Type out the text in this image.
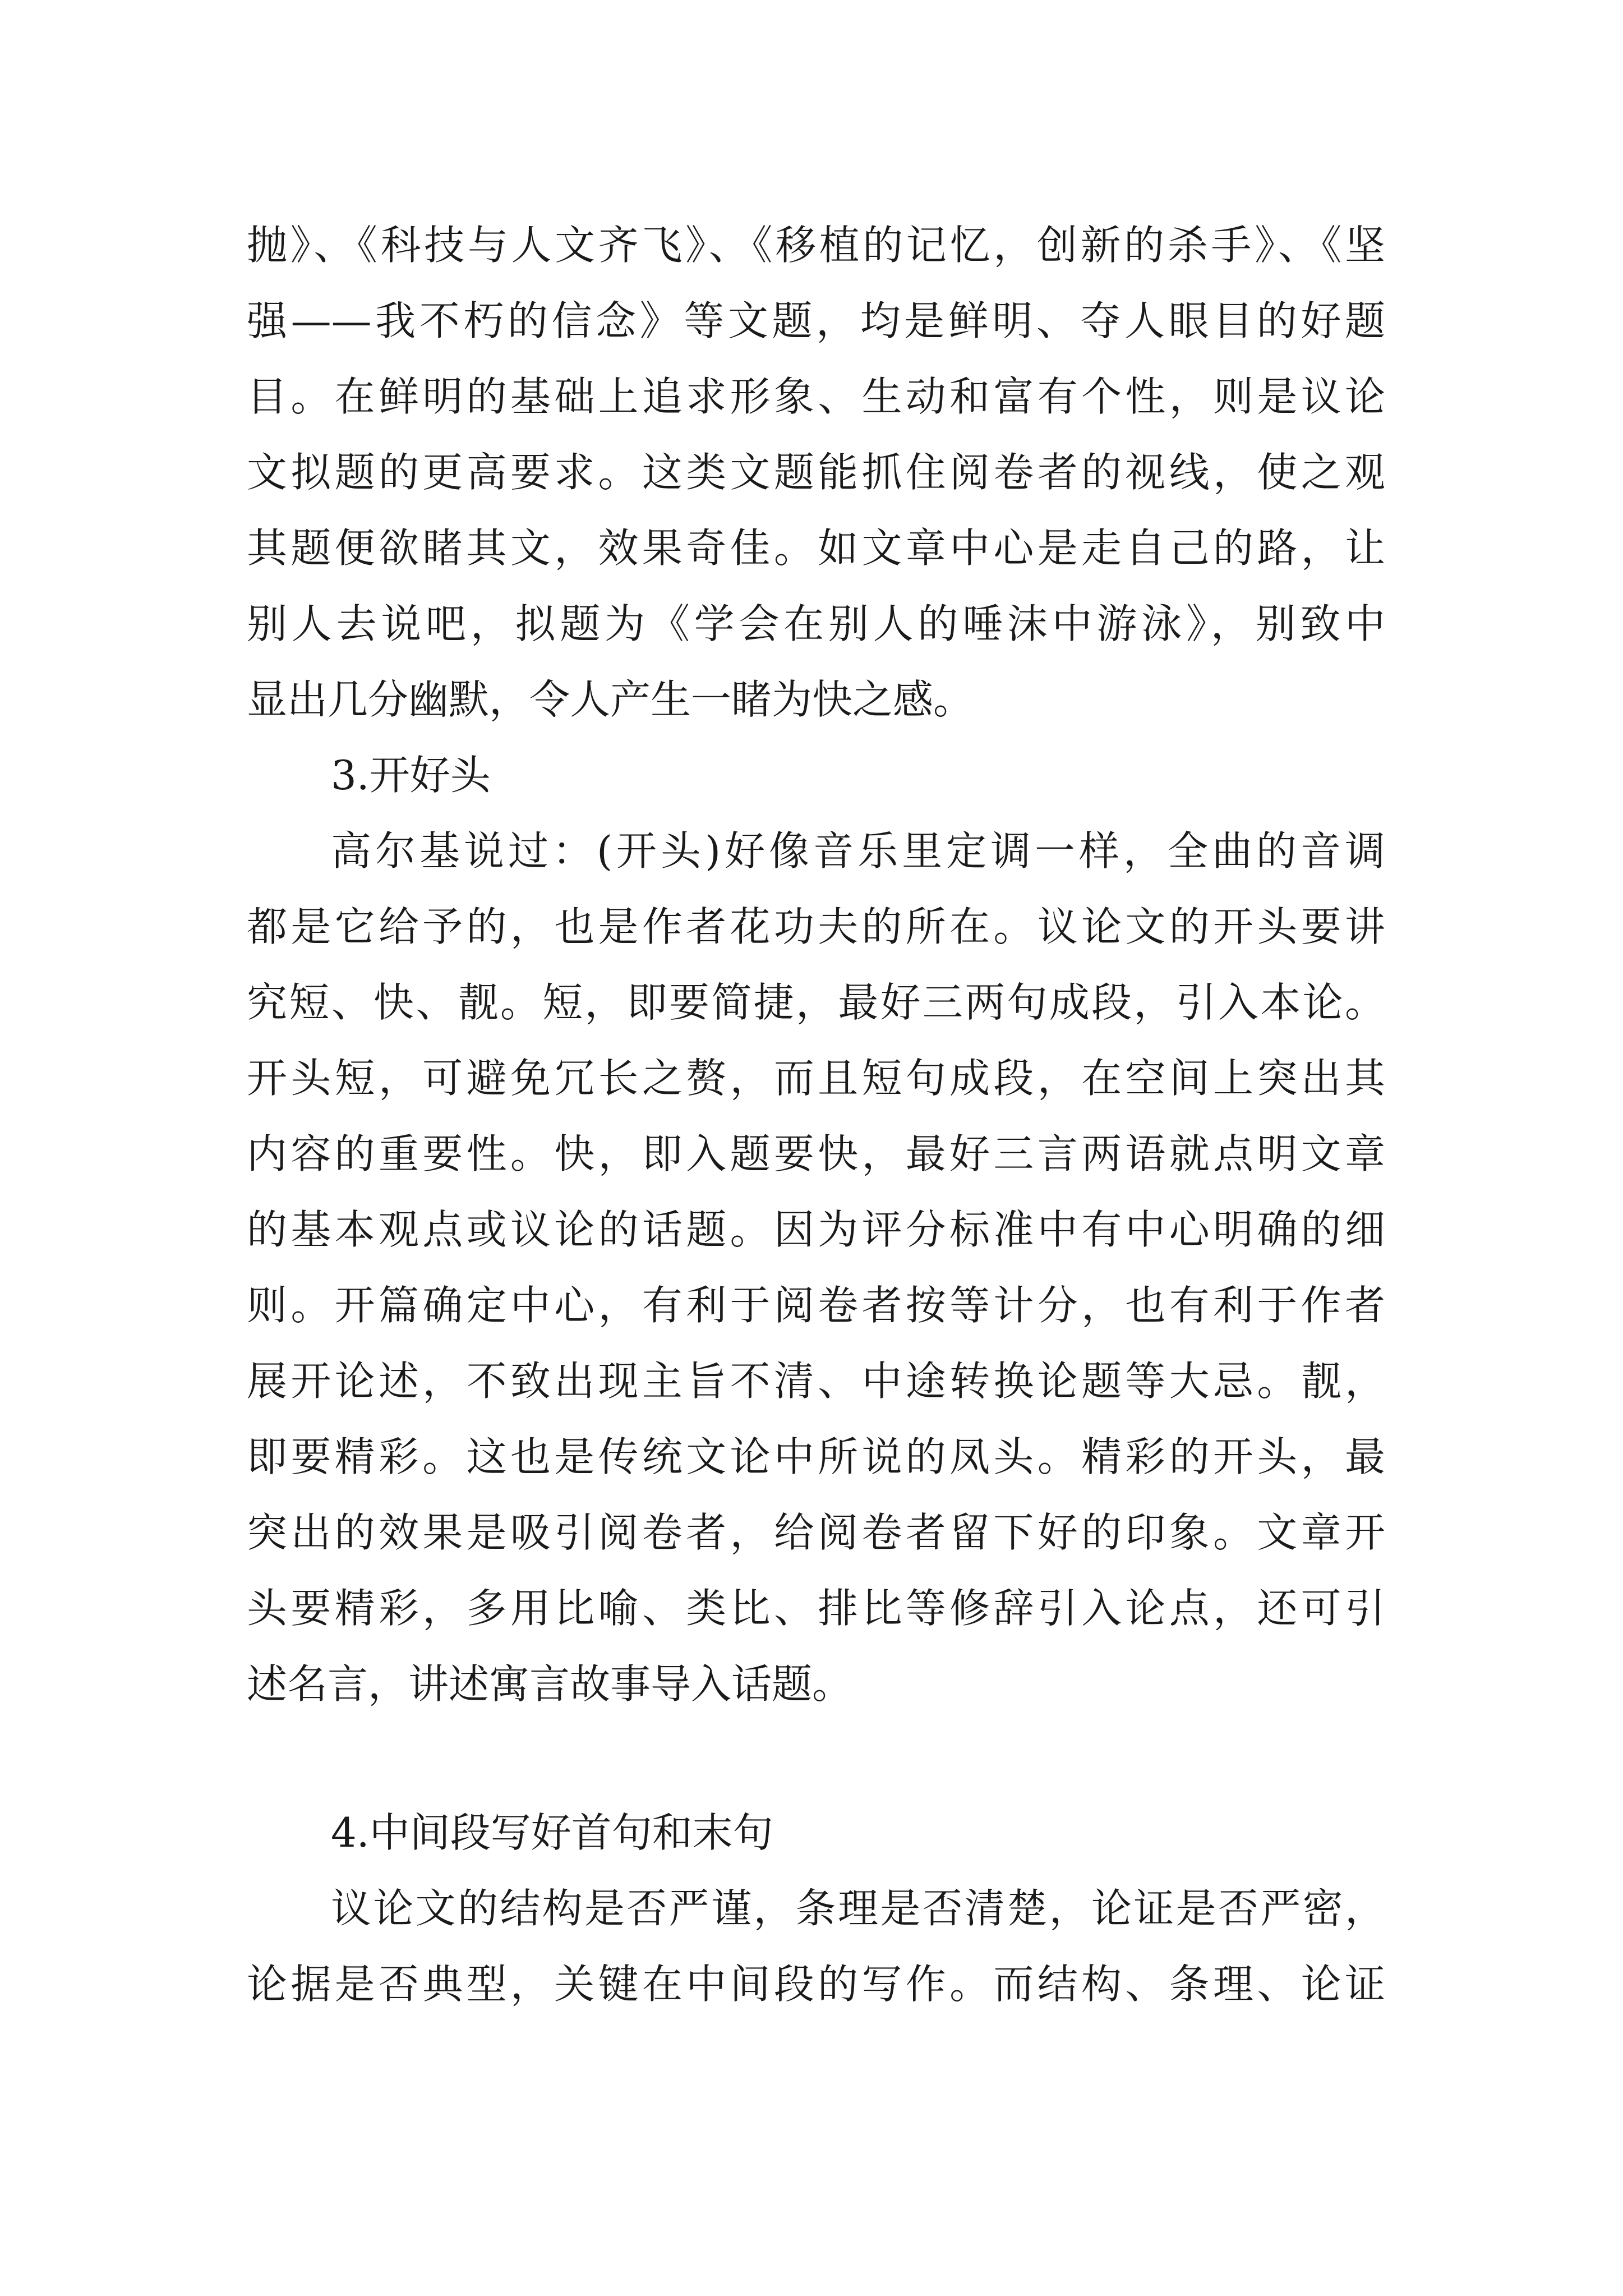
抛》、《科技与人文齐飞》、《移植的记忆，创新的杀手》、《坚
强——我不朽的信念》等文题，均是鲜明、夺人眼目的好题
目。在鲜明的基础上追求形象、生动和富有个性，则是议论
文拟题的更高要求。这类文题能抓住阅卷者的视线，使之观
其题便欲睹其文，效果奇佳。如文章中心是走自己的路，让
别人去说吧，拟题为《学会在别人的唾沫中游泳》，别致中
显出几分幽默，令人产生一睹为快之感。
3.开好头
高尔基说过：(开头)好像音乐里定调一样，全曲的音调
都是它给予的，也是作者花功夫的所在。议论文的开头要讲
究短、快、靓。短，即要简捷，最好三两句成段，引入本论。
开头短，可避免冗长之赘，而且短句成段，在空间上突出其
内容的重要性。快，即入题要快，最好三言两语就点明文章
的基本观点或议论的话题。因为评分标准中有中心明确的细
则。开篇确定中心，有利于阅卷者按等计分，也有利于作者
展开论述，不致出现主旨不清、中途转换论题等大忌。靓，
即要精彩。这也是传统文论中所说的凤头。精彩的开头，最
突出的效果是吸引阅卷者，给阅卷者留下好的印象。文章开
头要精彩，多用比喻、类比、排比等修辞引入论点，还可引
述名言，讲述寓言故事导入话题。
4.中间段写好首句和末句
议论文的结构是否严谨，条理是否清楚，论证是否严密，
论据是否典型，关键在中间段的写作。而结构、条理、论证
